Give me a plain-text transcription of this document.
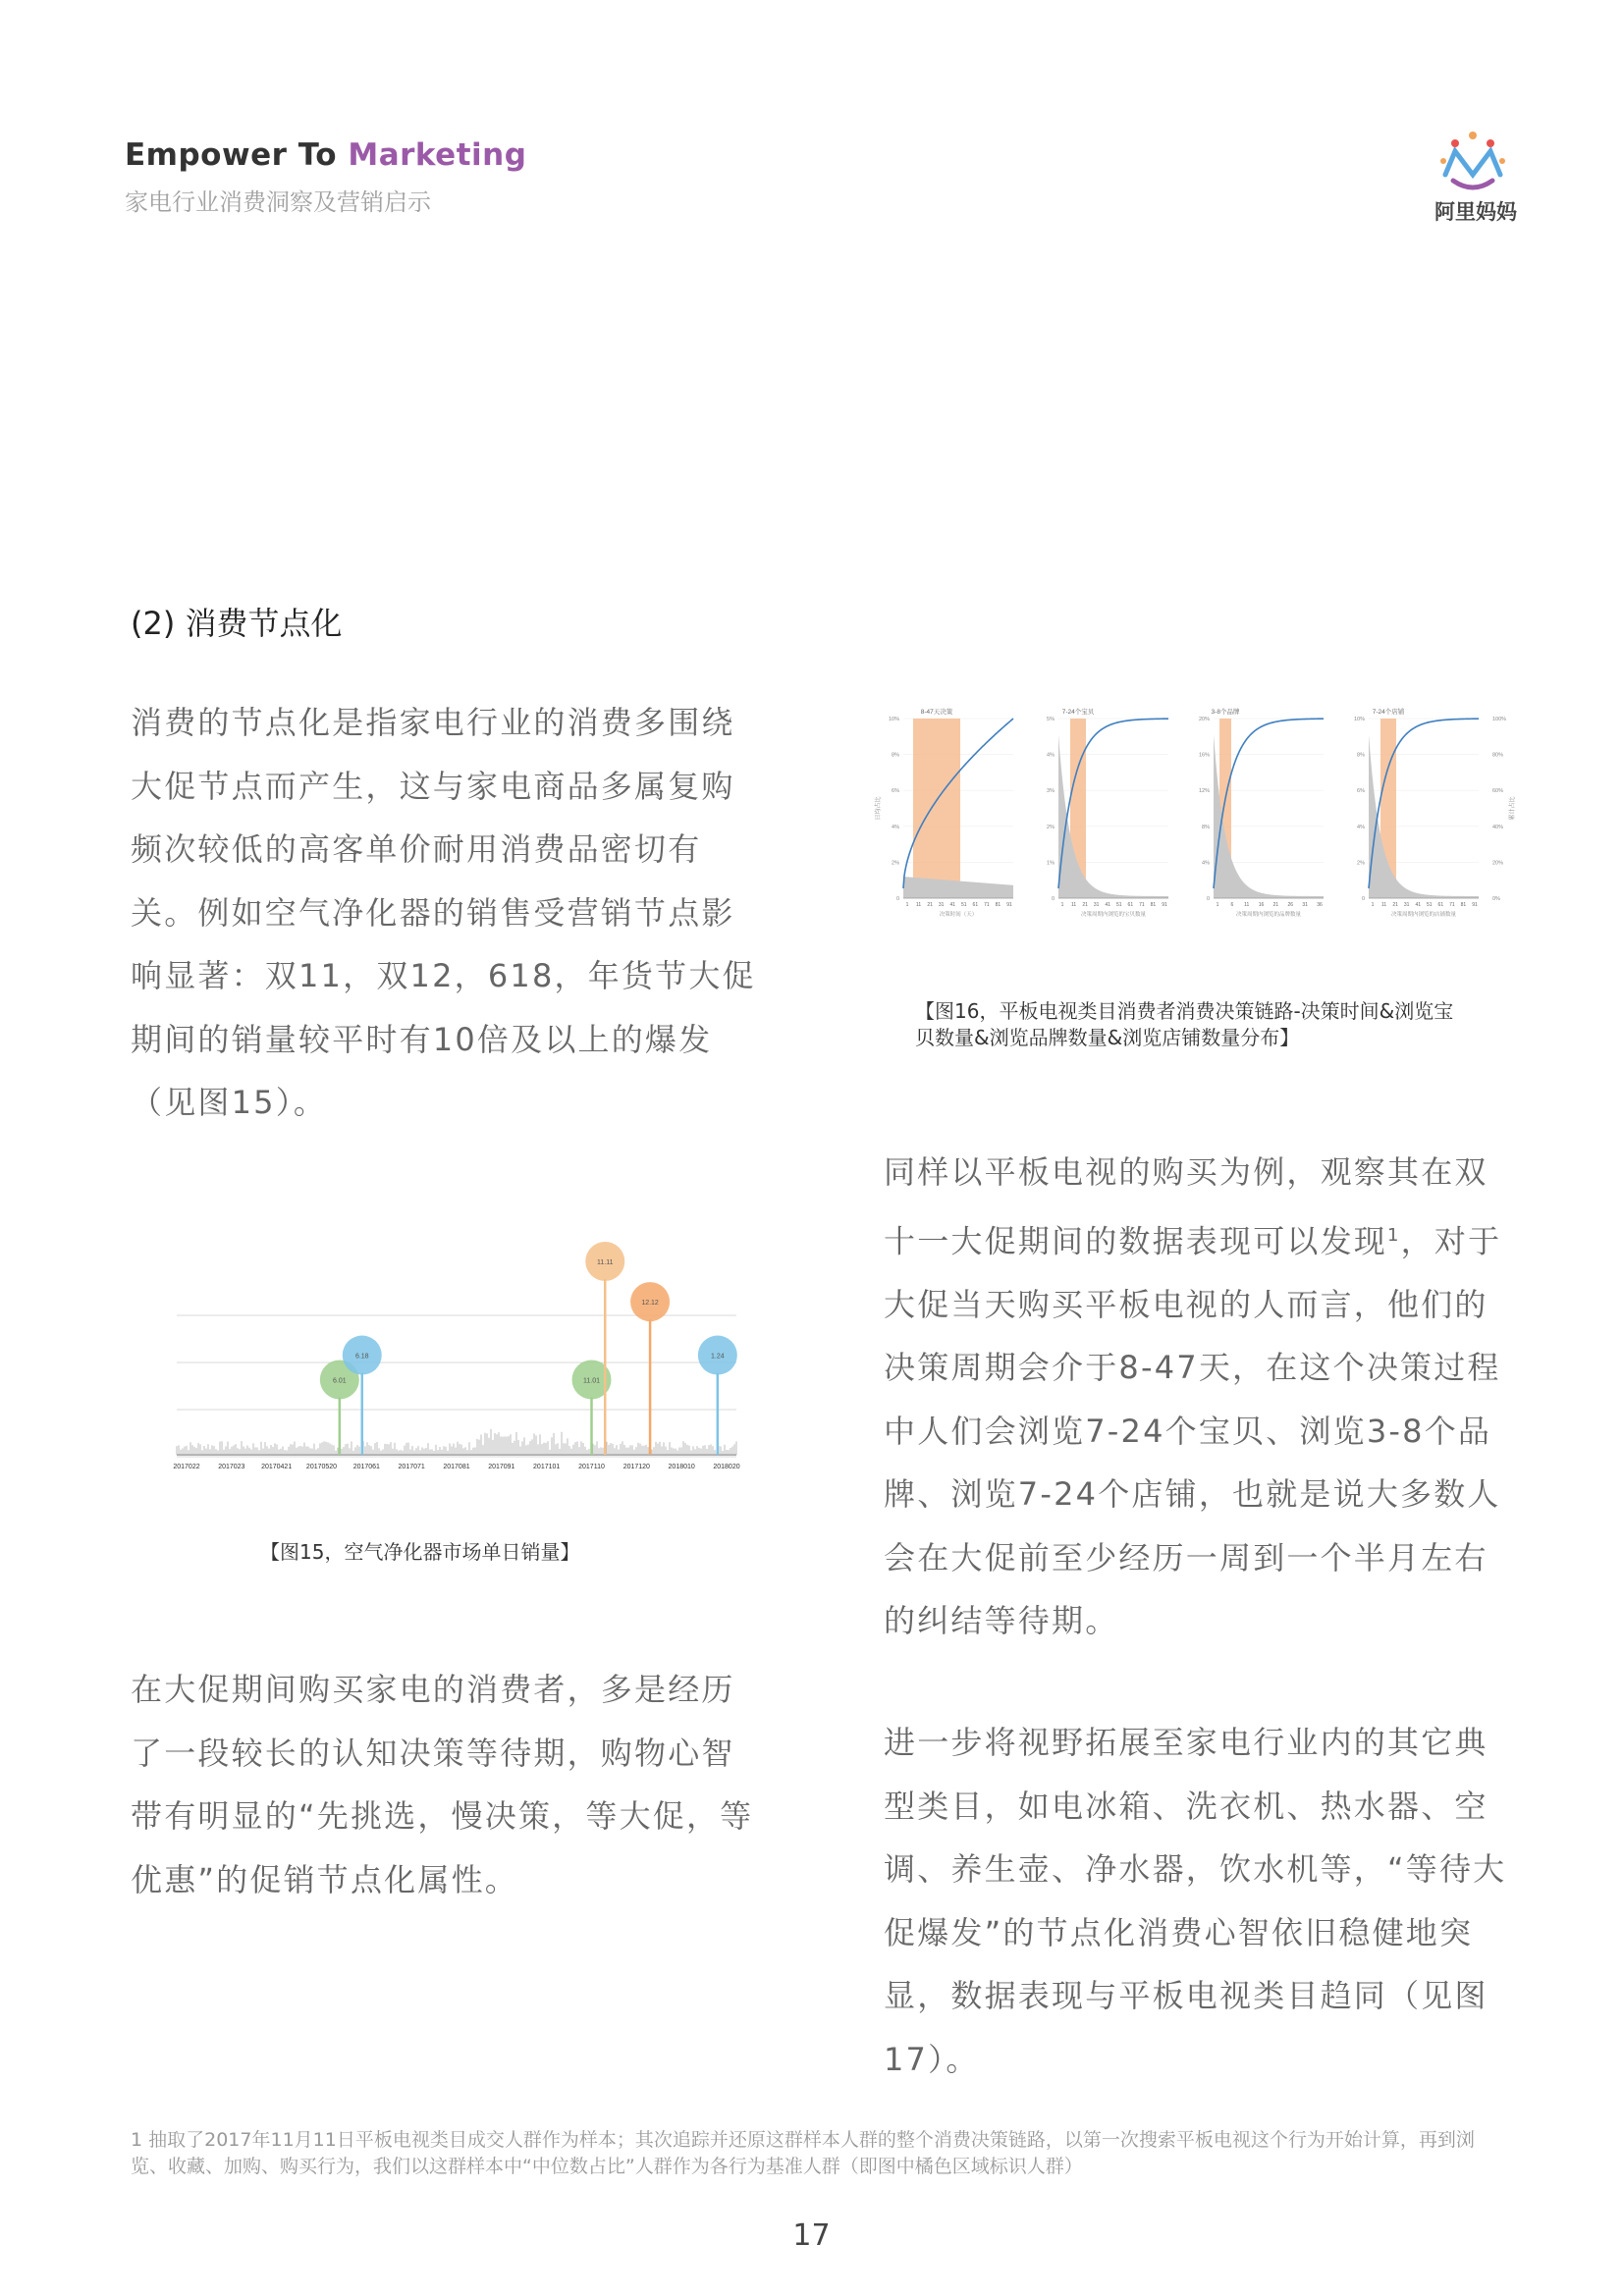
Empower To Marketing
家电行业消费洞察及营销启示	阿里妈妈
(2) 消费节点化
消费的节点化是指家电行业的消费多围绕大促节点而产生，这与家电商品多属复购频次较低的高客单价耐用消费品密切有关。例如空气净化器的销售受营销节点影响显著：双11，双12，618，年货节大促期间的销量较平时有10倍及以上的爆发（见图15）。
2017022	2017023 20170421 20170520 2017061	2017071	2017081	2017091	2017101	2017110	2017120	2018010	2018020
6.01
6.18
11.01
11.11
12.12
1.24
【图15，空气净化器市场单日销量】
在大促期间购买家电的消费者，多是经历了一段较长的认知决策等待期，购物心智带有明显的“先挑选，慢决策，等大促，等优惠”的促销节点化属性。
0
2%
4%
6%
8%
10%
8-47天决策
1 11 21 31 41 51 61 71 81 91
决策时间（天）
日均占比
0
1%
2%
3%
4%
5%
7-24个宝贝
1 11 21 31 41 51 61 71 81 91
决策周期内浏览的宝贝数量
0
4%
8%
12%
16%
20%
3-8个品牌
1 6 11 16 21 26 31 36
决策周期内浏览的品牌数量
0
2%
4%
6%
8%
10%
7-24个店铺
1 11 21 31 41 51 61 71 81 91
决策周期内浏览的店铺数量
0%
20%
40%
60%
80%
100%
累计占比
【图16，平板电视类目消费者消费决策链路-决策时间&浏览宝贝数量&浏览品牌数量&浏览店铺数量分布】
同样以平板电视的购买为例，观察其在双十一大促期间的数据表现可以发现$^1$，对于大促当天购买平板电视的人而言，他们的决策周期会介于8-47天，在这个决策过程中人们会浏览7-24个宝贝、浏览3-8个品牌、浏览7-24个店铺，也就是说大多数人会在大促前至少经历一周到一个半月左右的纠结等待期。
进一步将视野拓展至家电行业内的其它典型类目，如电冰箱、洗衣机、热水器、空调、养生壶、净水器，饮水机等，“等待大促爆发”的节点化消费心智依旧稳健地突显，数据表现与平板电视类目趋同（见图17）。
1 抽取了2017年11月11日平板电视类目成交人群作为样本；其次追踪并还原这群样本人群的整个消费决策链路，以第一次搜索平板电视这个行为开始计算，再到浏览、收藏、加购、购买行为，我们以这群样本中“中位数占比”人群作为各行为基准人群（即图中橘色区域标识人群）
17
